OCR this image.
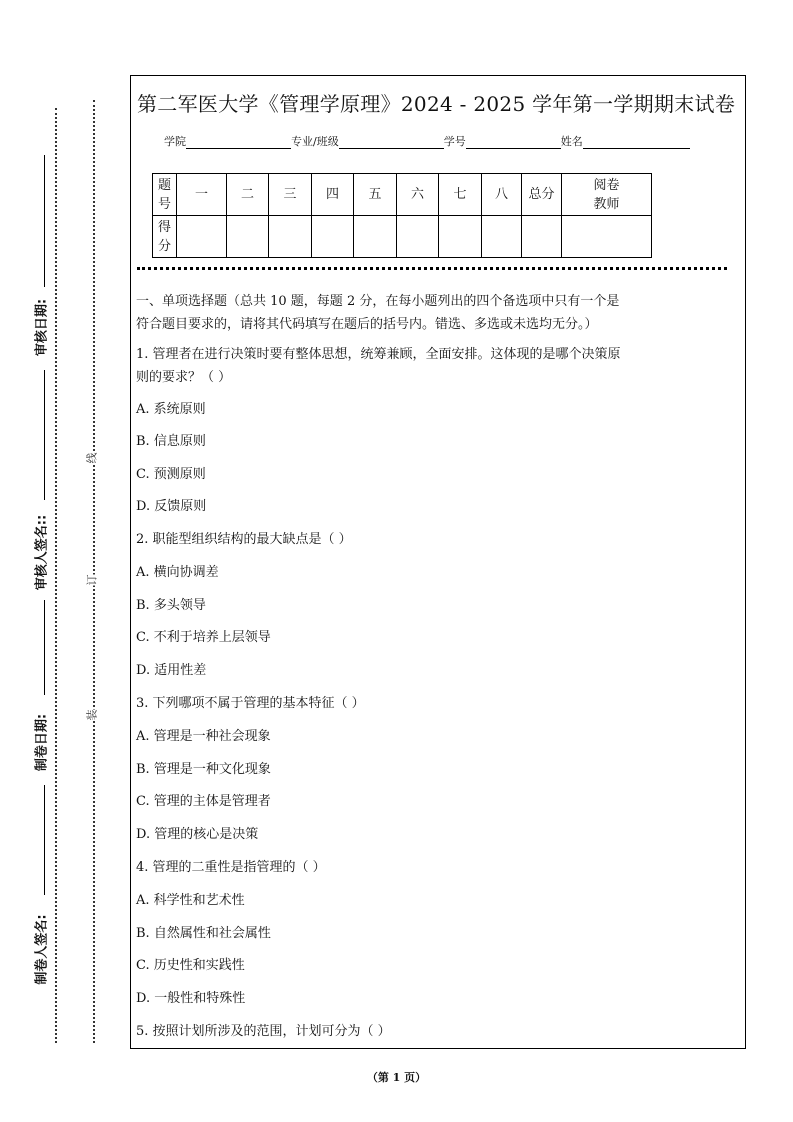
审核日期:
审核人签名::
制卷日期:
制卷人签名:
线
订
装
第二军医大学《管理学原理》2024 - 2025 学年第一学期期末试卷
学院	专业/班级	学号	姓名
题号	一	二	三	四	五	六	七	八	总分	阅卷教师
得分										
一、单项选择题（总共 10 题，每题 2 分，在每小题列出的四个备选项中只有一个是
符合题目要求的，请将其代码填写在题后的括号内。错选、多选或未选均无分。）
1. 管理者在进行决策时要有整体思想，统筹兼顾，全面安排。这体现的是哪个决策原
则的要求？（ ）
A. 系统原则
B. 信息原则
C. 预测原则
D. 反馈原则
2. 职能型组织结构的最大缺点是（ ）
A. 横向协调差
B. 多头领导
C. 不利于培养上层领导
D. 适用性差
3. 下列哪项不属于管理的基本特征（ ）
A. 管理是一种社会现象
B. 管理是一种文化现象
C. 管理的主体是管理者
D. 管理的核心是决策
4. 管理的二重性是指管理的（ ）
A. 科学性和艺术性
B. 自然属性和社会属性
C. 历史性和实践性
D. 一般性和特殊性
5. 按照计划所涉及的范围，计划可分为（ ）
（第 1 页）
